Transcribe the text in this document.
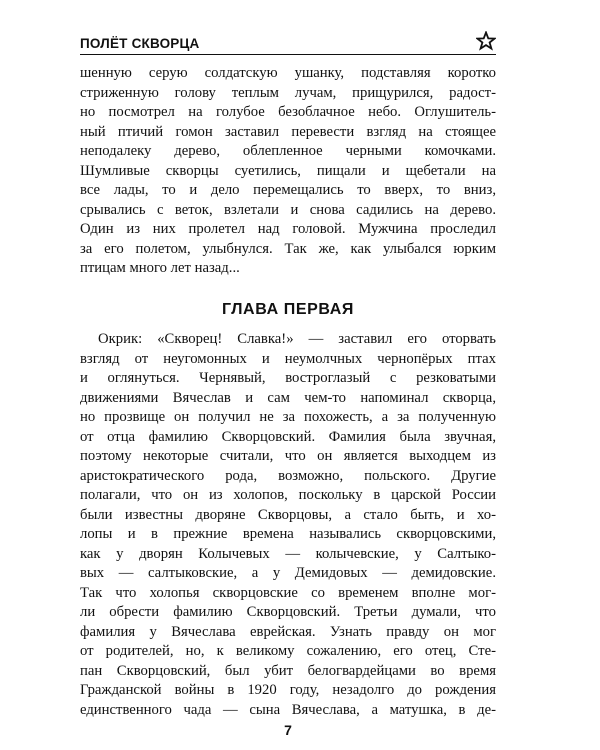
ПОЛЁТ СКВОРЦА
шенную серую солдатскую ушанку, подставляя коротко
стриженную голову теплым лучам, прищурился, радост-
но посмотрел на голубое безоблачное небо. Оглушитель-
ный птичий гомон заставил перевести взгляд на стоящее
неподалеку дерево, облепленное черными комочками.
Шумливые скворцы суетились, пищали и щебетали на
все лады, то и дело перемещались то вверх, то вниз,
срывались с веток, взлетали и снова садились на дерево.
Один из них пролетел над головой. Мужчина проследил
за его полетом, улыбнулся. Так же, как улыбался юрким
птицам много лет назад...
ГЛАВА ПЕРВАЯ
Окрик: «Скворец! Славка!» — заставил его оторвать
взгляд от неугомонных и неумолчных чернопёрых птах
и оглянуться. Чернявый, востроглазый с резковатыми
движениями Вячеслав и сам чем-то напоминал скворца,
но прозвище он получил не за похожесть, а за полученную
от отца фамилию Скворцовский. Фамилия была звучная,
поэтому некоторые считали, что он является выходцем из
аристократического рода, возможно, польского. Другие
полагали, что он из холопов, поскольку в царской России
были известны дворяне Скворцовы, а стало быть, и хо-
лопы и в прежние времена назывались скворцовскими,
как у дворян Колычевых — колычевские, у Салтыко-
вых — салтыковские, а у Демидовых — демидовские.
Так что холопья скворцовские со временем вполне мог-
ли обрести фамилию Скворцовский. Третьи думали, что
фамилия у Вячеслава еврейская. Узнать правду он мог
от родителей, но, к великому сожалению, его отец, Сте-
пан Скворцовский, был убит белогвардейцами во время
Гражданской войны в 1920 году, незадолго до рождения
единственного чада — сына Вячеслава, а матушка, в де-
7
